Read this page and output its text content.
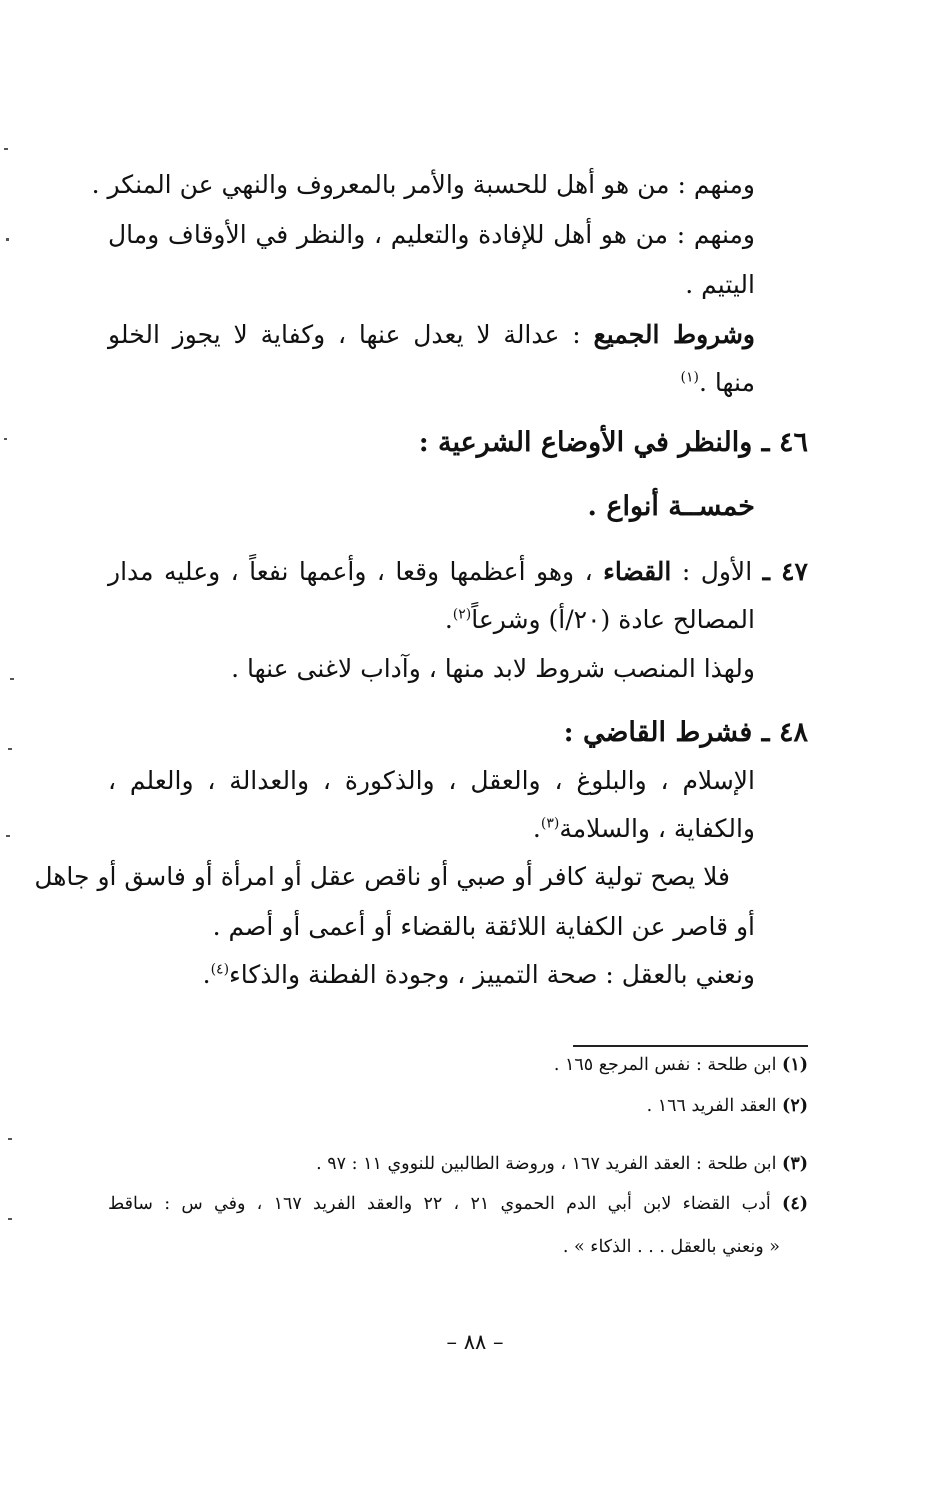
ومنهم : من هو أهل للحسبة والأمر بالمعروف والنهي عن المنكر .
ومنهم : من هو أهل للإفادة والتعليم ، والنظر في الأوقاف ومال
اليتيم .
وشروط الجميع : عدالة لا يعدل عنها ، وكفاية لا يجوز الخلو
منها .$^{(١)}$
٤٦ ـ والنظر في الأوضاع الشرعية :
خمســة أنواع .
٤٧ ـ الأول : القضاء ، وهو أعظمها وقعا ، وأعمها نفعاً ، وعليه مدار
المصالح عادة (٢٠/أ) وشرعاً$^{(٢)}$.
ولهذا المنصب شروط لابد منها ، وآداب لاغنى عنها .
٤٨ ـ فشرط القاضي :
الإسلام ، والبلوغ ، والعقل ، والذكورة ، والعدالة ، والعلم ،
والكفاية ، والسلامة$^{(٣)}$.
فلا يصح تولية كافر أو صبي أو ناقص عقل أو امرأة أو فاسق أو جاهل
أو قاصر عن الكفاية اللائقة بالقضاء أو أعمى أو أصم .
ونعني بالعقل : صحة التمييز ، وجودة الفطنة والذكاء$^{(٤)}$.
(١) ابن طلحة : نفس المرجع ١٦٥ .
(٢) العقد الفريد ١٦٦ .
(٣) ابن طلحة : العقد الفريد ١٦٧ ، وروضة الطالبين للنووي ١١ : ٩٧ .
(٤) أدب القضاء لابن أبي الدم الحموي ٢١ ، ٢٢ والعقد الفريد ١٦٧ ، وفي س : ساقط
« ونعني بالعقل . . . الذكاء » .
– ٨٨ –
